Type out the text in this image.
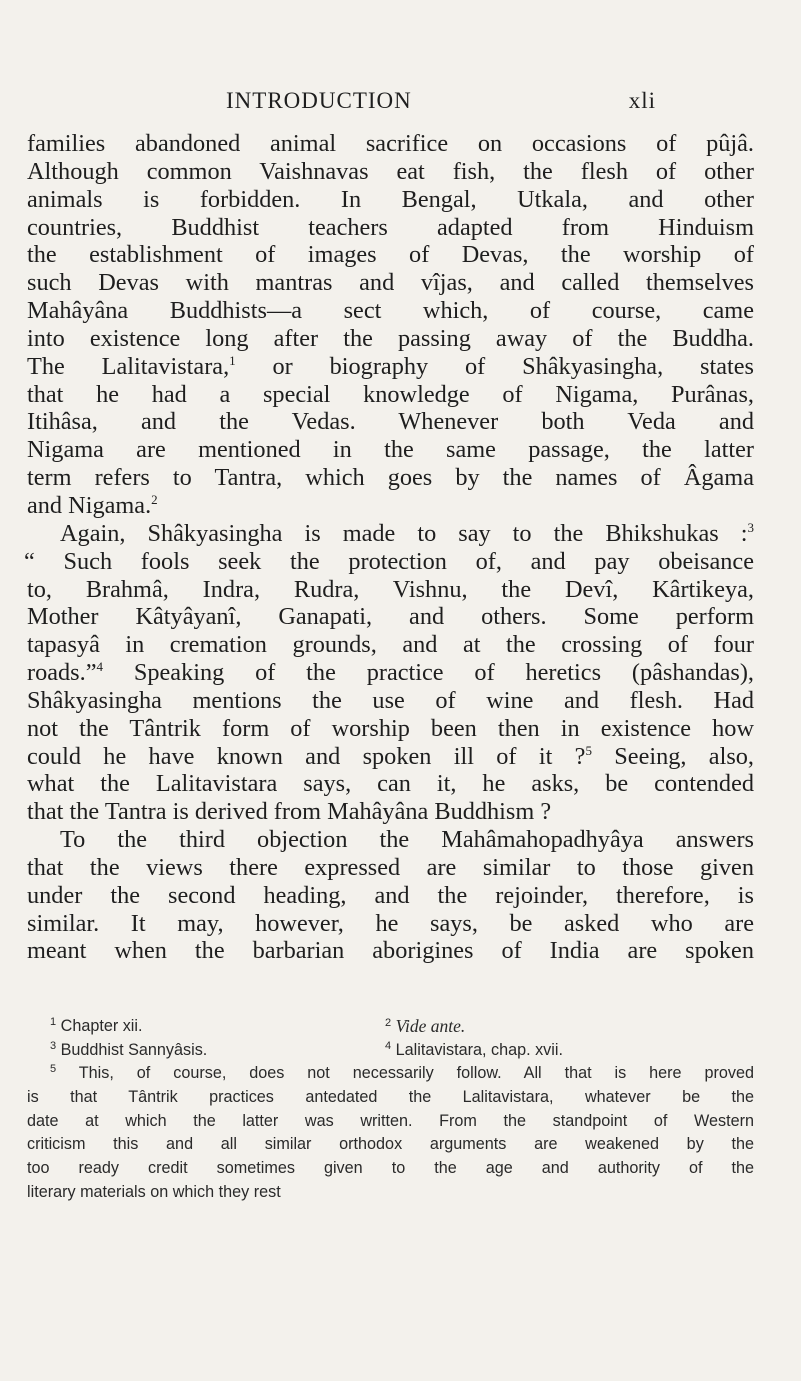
INTRODUCTION	xli
families abandoned animal sacrifice on occasions of pûjâ.
Although common Vaishnavas eat fish, the flesh of other
animals is forbidden. In Bengal, Utkala, and other
countries, Buddhist teachers adapted from Hinduism
the establishment of images of Devas, the worship of
such Devas with mantras and vîjas, and called themselves
Mahâyâna Buddhists—a sect which, of course, came
into existence long after the passing away of the Buddha.
The Lalitavistara,$^1$ or biography of Shâkyasingha, states
that he had a special knowledge of Nigama, Purânas,
Itihâsa, and the Vedas. Whenever both Veda and
Nigama are mentioned in the same passage, the latter
term refers to Tantra, which goes by the names of Âgama
and Nigama.$^2$
Again, Shâkyasingha is made to say to the Bhikshukas :$^3$
“ Such fools seek the protection of, and pay obeisance
to, Brahmâ, Indra, Rudra, Vishnu, the Devî, Kârtikeya,
Mother Kâtyâyanî, Ganapati, and others. Some perform
tapasyâ in cremation grounds, and at the crossing of four
roads.”$^4$ Speaking of the practice of heretics (pâshandas),
Shâkyasingha mentions the use of wine and flesh. Had
not the Tântrik form of worship been then in existence how
could he have known and spoken ill of it ?$^5$ Seeing, also,
what the Lalitavistara says, can it, he asks, be contended
that the Tantra is derived from Mahâyâna Buddhism ?
To the third objection the Mahâmahopadhyâya answers
that the views there expressed are similar to those given
under the second heading, and the rejoinder, therefore, is
similar. It may, however, he says, be asked who are
meant when the barbarian aborigines of India are spoken
$^1$ Chapter xii.	$^2$ Vide ante.
$^3$ Buddhist Sannyâsis.	$^4$ Lalitavistara, chap. xvii.
$^5$ This, of course, does not necessarily follow. All that is here proved
is that Tântrik practices antedated the Lalitavistara, whatever be the
date at which the latter was written. From the standpoint of Western
criticism this and all similar orthodox arguments are weakened by the
too ready credit sometimes given to the age and authority of the
literary materials on which they rest
